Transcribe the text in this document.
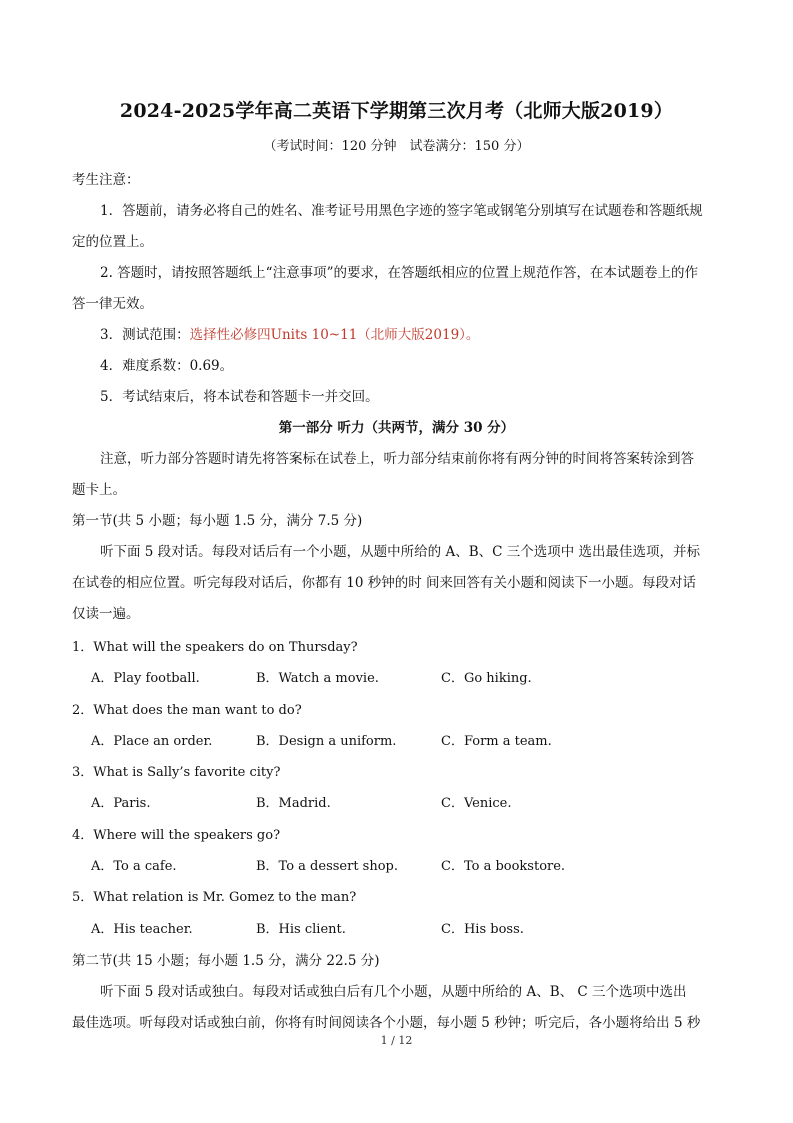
2024-2025学年高二英语下学期第三次月考（北师大版2019）
（考试时间：120 分钟　试卷满分：150 分）
考生注意：
1．答题前，请务必将自己的姓名、准考证号用黑色字迹的签字笔或钢笔分别填写在试题卷和答题纸规
定的位置上。
2. 答题时，请按照答题纸上“注意事项”的要求，在答题纸相应的位置上规范作答，在本试题卷上的作
答一律无效。
3．测试范围：选择性必修四Units 10~11（北师大版2019）。
4．难度系数：0.69。
5．考试结束后，将本试卷和答题卡一并交回。
第一部分 听力（共两节，满分 30 分）
注意，听力部分答题时请先将答案标在试卷上，听力部分结束前你将有两分钟的时间将答案转涂到答
题卡上。
第一节(共 5 小题；每小题 1.5 分，满分 7.5 分)
听下面 5 段对话。每段对话后有一个小题，从题中所给的 A、B、C 三个选项中 选出最佳选项，并标
在试卷的相应位置。听完每段对话后，你都有 10 秒钟的时 间来回答有关小题和阅读下一小题。每段对话
仅读一遍。
1．What will the speakers do on Thursday?
A．Play football.	B．Watch a movie.	C．Go hiking.
2．What does the man want to do?
A．Place an order.	B．Design a uniform.	C．Form a team.
3．What is Sally’s favorite city?
A．Paris.	B．Madrid.	C．Venice.
4．Where will the speakers go?
A．To a cafe.	B．To a dessert shop.	C．To a bookstore.
5．What relation is Mr. Gomez to the man?
A．His teacher.	B．His client.	C．His boss.
第二节(共 15 小题；每小题 1.5 分，满分 22.5 分)
听下面 5 段对话或独白。每段对话或独白后有几个小题，从题中所给的 A、B、 C 三个选项中选出
最佳选项。听每段对话或独白前，你将有时间阅读各个小题，每小题 5 秒钟；听完后，各小题将给出 5 秒
1 / 12
